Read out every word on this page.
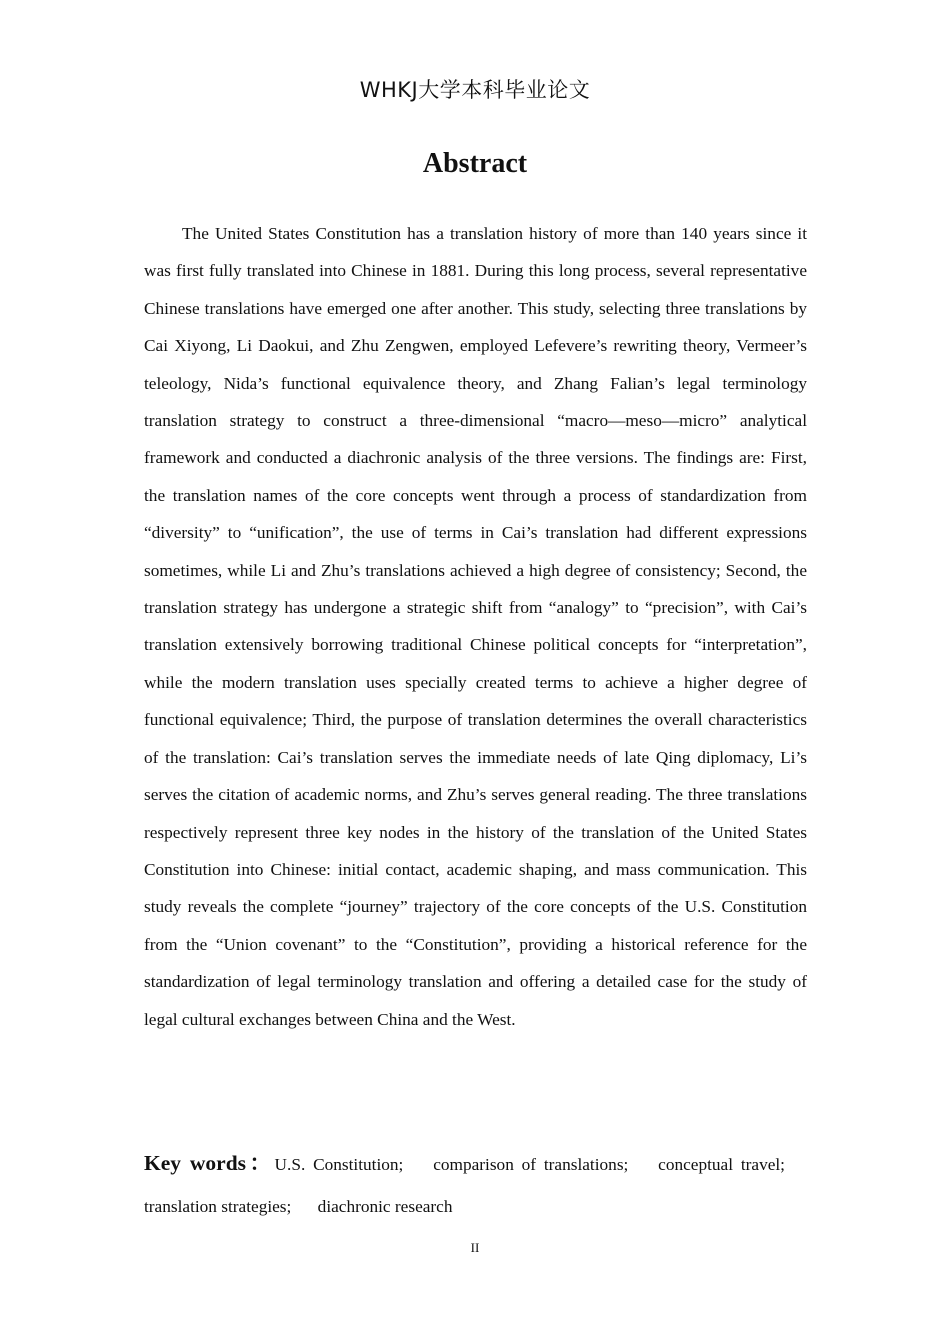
WHKJ大学本科毕业论文
Abstract

The United States Constitution has a translation history of more than 140 years since it was first fully translated into Chinese in 1881. During this long process, several representative Chinese translations have emerged one after another. This study, selecting three translations by Cai Xiyong, Li Daokui, and Zhu Zengwen, employed Lefevere’s rewriting theory, Vermeer’s teleology, Nida’s functional equivalence theory, and Zhang Falian’s legal terminology translation strategy to construct a three-dimensional “macro—meso—micro” analytical framework and conducted a diachronic analysis of the three versions. The findings are: First, the translation names of the core concepts went through a process of standardization from “diversity” to “unification”, the use of terms in Cai’s translation had different expressions sometimes, while Li and Zhu’s translations achieved a high degree of consistency; Second, the translation strategy has undergone a strategic shift from “analogy” to “precision”, with Cai’s translation extensively borrowing traditional Chinese political concepts for “interpretation”, while the modern translation uses specially created terms to achieve a higher degree of functional equivalence; Third, the purpose of translation determines the overall characteristics of the translation: Cai’s translation serves the immediate needs of late Qing diplomacy, Li’s serves the citation of academic norms, and Zhu’s serves general reading. The three translations respectively represent three key nodes in the history of the translation of the United States Constitution into Chinese: initial contact, academic shaping, and mass communication. This study reveals the complete “journey” trajectory of the core concepts of the U.S. Constitution from the “Union covenant” to the “Constitution”, providing a historical reference for the standardization of legal terminology translation and offering a detailed case for the study of legal cultural exchanges between China and the West.

Key words：U.S. Constitution; comparison of translations; conceptual travel; translation strategies; diachronic research

II
